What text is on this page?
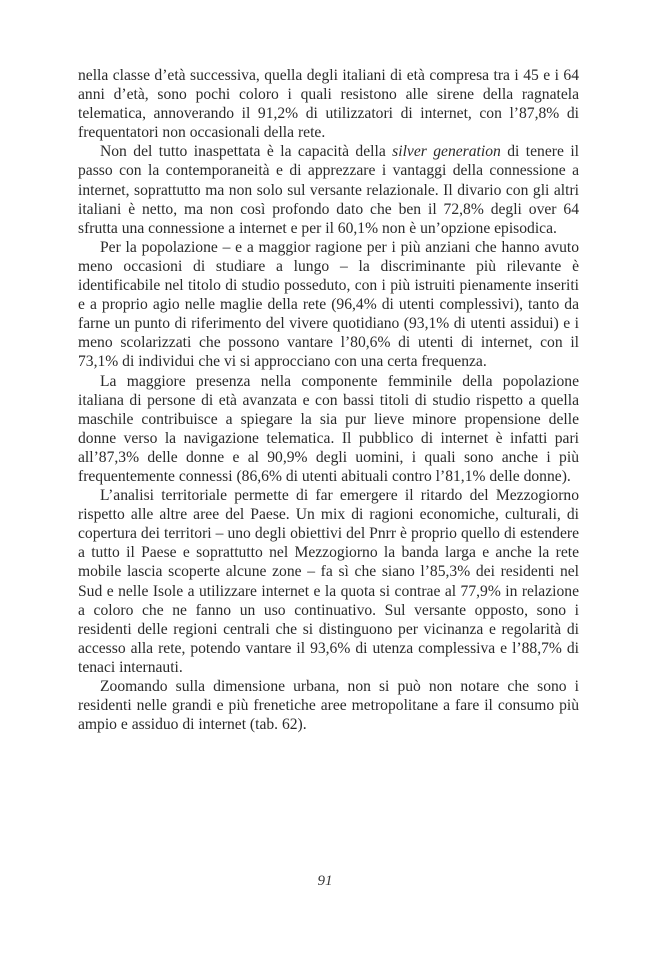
nella classe d’età successiva, quella degli italiani di età compresa tra i 45 e i 64 anni d’età, sono pochi coloro i quali resistono alle sirene della ragnatela telematica, annoverando il 91,2% di utilizzatori di internet, con l’87,8% di frequentatori non occasionali della rete.

Non del tutto inaspettata è la capacità della silver generation di tenere il passo con la contemporaneità e di apprezzare i vantaggi della connessione a internet, soprattutto ma non solo sul versante relazionale. Il divario con gli altri italiani è netto, ma non così profondo dato che ben il 72,8% degli over 64 sfrutta una connessione a internet e per il 60,1% non è un’opzione episodica.

Per la popolazione – e a maggior ragione per i più anziani che hanno avuto meno occasioni di studiare a lungo – la discriminante più rilevante è identificabile nel titolo di studio posseduto, con i più istruiti pienamente inseriti e a proprio agio nelle maglie della rete (96,4% di utenti complessivi), tanto da farne un punto di riferimento del vivere quotidiano (93,1% di utenti assidui) e i meno scolarizzati che possono vantare l’80,6% di utenti di internet, con il 73,1% di individui che vi si approcciano con una certa frequenza.

La maggiore presenza nella componente femminile della popolazione italiana di persone di età avanzata e con bassi titoli di studio rispetto a quella maschile contribuisce a spiegare la sia pur lieve minore propensione delle donne verso la navigazione telematica. Il pubblico di internet è infatti pari all’87,3% delle donne e al 90,9% degli uomini, i quali sono anche i più frequentemente connessi (86,6% di utenti abituali contro l’81,1% delle donne).

L’analisi territoriale permette di far emergere il ritardo del Mezzogiorno rispetto alle altre aree del Paese. Un mix di ragioni economiche, culturali, di copertura dei territori – uno degli obiettivi del Pnrr è proprio quello di estendere a tutto il Paese e soprattutto nel Mezzogiorno la banda larga e anche la rete mobile lascia scoperte alcune zone – fa sì che siano l’85,3% dei residenti nel Sud e nelle Isole a utilizzare internet e la quota si contrae al 77,9% in relazione a coloro che ne fanno un uso continuativo. Sul versante opposto, sono i residenti delle regioni centrali che si distinguono per vicinanza e regolarità di accesso alla rete, potendo vantare il 93,6% di utenza complessiva e l’88,7% di tenaci internauti.

Zoomando sulla dimensione urbana, non si può non notare che sono i residenti nelle grandi e più frenetiche aree metropolitane a fare il consumo più ampio e assiduo di internet (tab. 62).

91
